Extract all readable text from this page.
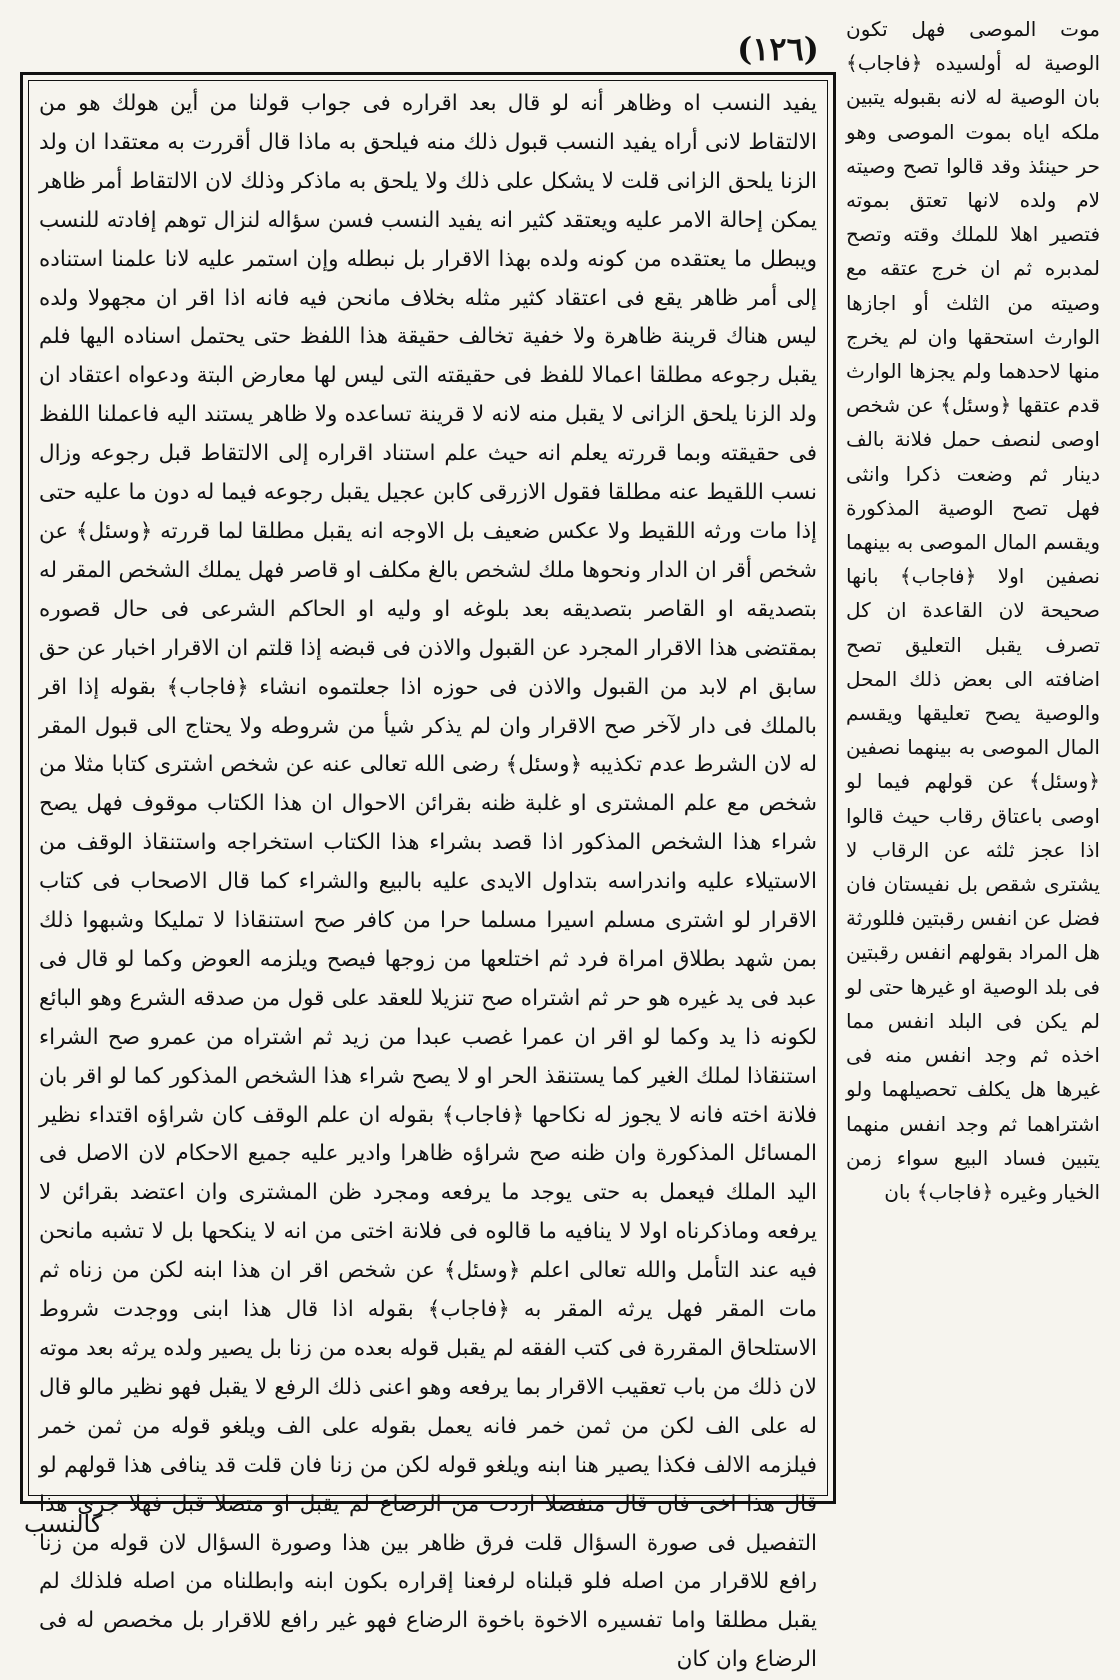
(١٢٦)

موت الموصى فهل تكون الوصية له أولسيده ﴿فاجاب﴾ بان الوصية له لانه بقبوله يتبين ملكه اياه بموت الموصى وهو حر حينئذ وقد قالوا تصح وصيته لام ولده لانها تعتق بموته فتصير اهلا للملك وقته وتصح لمدبره ثم ان خرج عتقه مع وصيته من الثلث أو اجازها الوارث استحقها وان لم يخرج منها لاحدهما ولم يجزها الوارث قدم عتقها ﴿وسئل﴾ عن شخص اوصى لنصف حمل فلانة بالف دينار ثم وضعت ذكرا وانثى فهل تصح الوصية المذكورة ويقسم المال الموصى به بينهما نصفين اولا ﴿فاجاب﴾ بانها صحيحة لان القاعدة ان كل تصرف يقبل التعليق تصح اضافته الى بعض ذلك المحل والوصية يصح تعليقها ويقسم المال الموصى به بينهما نصفين ﴿وسئل﴾ عن قولهم فيما لو اوصى باعتاق رقاب حيث قالوا اذا عجز ثلثه عن الرقاب لا يشترى شقص بل نفيستان فان فضل عن انفس رقبتين فللورثة هل المراد بقولهم انفس رقبتين فى بلد الوصية او غيرها حتى لو لم يكن فى البلد انفس مما اخذه ثم وجد انفس منه فى غيرها هل يكلف تحصيلهما ولو اشتراهما ثم وجد انفس منهما يتبين فساد البيع سواء زمن الخيار وغيره ﴿فاجاب﴾ بان

يفيد النسب اه وظاهر أنه لو قال بعد اقراره فى جواب قولنا من أين هولك هو من الالتقاط لانى أراه يفيد النسب قبول ذلك منه فيلحق به ماذا قال أقررت به معتقدا ان ولد الزنا يلحق الزانى قلت لا يشكل على ذلك ولا يلحق به ماذكر وذلك لان الالتقاط أمر ظاهر يمكن إحالة الامر عليه ويعتقد كثير انه يفيد النسب فسن سؤاله لنزال توهم إفادته للنسب ويبطل ما يعتقده من كونه ولده بهذا الاقرار بل نبطله وإن استمر عليه لانا علمنا استناده إلى أمر ظاهر يقع فى اعتقاد كثير مثله بخلاف مانحن فيه فانه اذا اقر ان مجهولا ولده ليس هناك قرينة ظاهرة ولا خفية تخالف حقيقة هذا اللفظ حتى يحتمل اسناده اليها فلم يقبل رجوعه مطلقا اعمالا للفظ فى حقيقته التى ليس لها معارض البتة ودعواه اعتقاد ان ولد الزنا يلحق الزانى لا يقبل منه لانه لا قرينة تساعده ولا ظاهر يستند اليه فاعملنا اللفظ فى حقيقته وبما قررته يعلم انه حيث علم استناد اقراره إلى الالتقاط قبل رجوعه وزال نسب اللقيط عنه مطلقا فقول الازرقى كابن عجيل يقبل رجوعه فيما له دون ما عليه حتى إذا مات ورثه اللقيط ولا عكس ضعيف بل الاوجه انه يقبل مطلقا لما قررته ﴿وسئل﴾ عن شخص أقر ان الدار ونحوها ملك لشخص بالغ مكلف او قاصر فهل يملك الشخص المقر له بتصديقه او القاصر بتصديقه بعد بلوغه او وليه او الحاكم الشرعى فى حال قصوره بمقتضى هذا الاقرار المجرد عن القبول والاذن فى قبضه إذا قلتم ان الاقرار اخبار عن حق سابق ام لابد من القبول والاذن فى حوزه اذا جعلتموه انشاء ﴿فاجاب﴾ بقوله إذا اقر بالملك فى دار لآخر صح الاقرار وان لم يذكر شيأ من شروطه ولا يحتاج الى قبول المقر له لان الشرط عدم تكذيبه ﴿وسئل﴾ رضى الله تعالى عنه عن شخص اشترى كتابا مثلا من شخص مع علم المشترى او غلبة ظنه بقرائن الاحوال ان هذا الكتاب موقوف فهل يصح شراء هذا الشخص المذكور اذا قصد بشراء هذا الكتاب استخراجه واستنقاذ الوقف من الاستيلاء عليه واندراسه بتداول الايدى عليه بالبيع والشراء كما قال الاصحاب فى كتاب الاقرار لو اشترى مسلم اسيرا مسلما حرا من كافر صح استنقاذا لا تمليكا وشبهوا ذلك بمن شهد بطلاق امراة فرد ثم اختلعها من زوجها فيصح ويلزمه العوض وكما لو قال فى عبد فى يد غيره هو حر ثم اشتراه صح تنزيلا للعقد على قول من صدقه الشرع وهو البائع لكونه ذا يد وكما لو اقر ان عمرا غصب عبدا من زيد ثم اشتراه من عمرو صح الشراء استنقاذا لملك الغير كما يستنقذ الحر او لا يصح شراء هذا الشخص المذكور كما لو اقر بان فلانة اخته فانه لا يجوز له نكاحها ﴿فاجاب﴾ بقوله ان علم الوقف كان شراؤه اقتداء نظير المسائل المذكورة وان ظنه صح شراؤه ظاهرا وادير عليه جميع الاحكام لان الاصل فى اليد الملك فيعمل به حتى يوجد ما يرفعه ومجرد ظن المشترى وان اعتضد بقرائن لا يرفعه وماذكرناه اولا لا ينافيه ما قالوه فى فلانة اختى من انه لا ينكحها بل لا تشبه مانحن فيه عند التأمل والله تعالى اعلم ﴿وسئل﴾ عن شخص اقر ان هذا ابنه لكن من زناه ثم مات المقر فهل يرثه المقر به ﴿فاجاب﴾ بقوله اذا قال هذا ابنى ووجدت شروط الاستلحاق المقررة فى كتب الفقه لم يقبل قوله بعده من زنا بل يصير ولده يرثه بعد موته لان ذلك من باب تعقيب الاقرار بما يرفعه وهو اعنى ذلك الرفع لا يقبل فهو نظير مالو قال له على الف لكن من ثمن خمر فانه يعمل بقوله على الف ويلغو قوله من ثمن خمر فيلزمه الالف فكذا يصير هنا ابنه ويلغو قوله لكن من زنا فان قلت قد ينافى هذا قولهم لو قال هذا اخى فان قال منفصلا اردت من الرضاع لم يقبل او متصلا قبل فهلا جرى هذا التفصيل فى صورة السؤال قلت فرق ظاهر بين هذا وصورة السؤال لان قوله من زنا رافع للاقرار من اصله فلو قبلناه لرفعنا إقراره بكون ابنه وابطلناه من اصله فلذلك لم يقبل مطلقا واما تفسيره الاخوة باخوة الرضاع فهو غير رافع للاقرار بل مخصص له فى الرضاع وان كان

كالنسب
